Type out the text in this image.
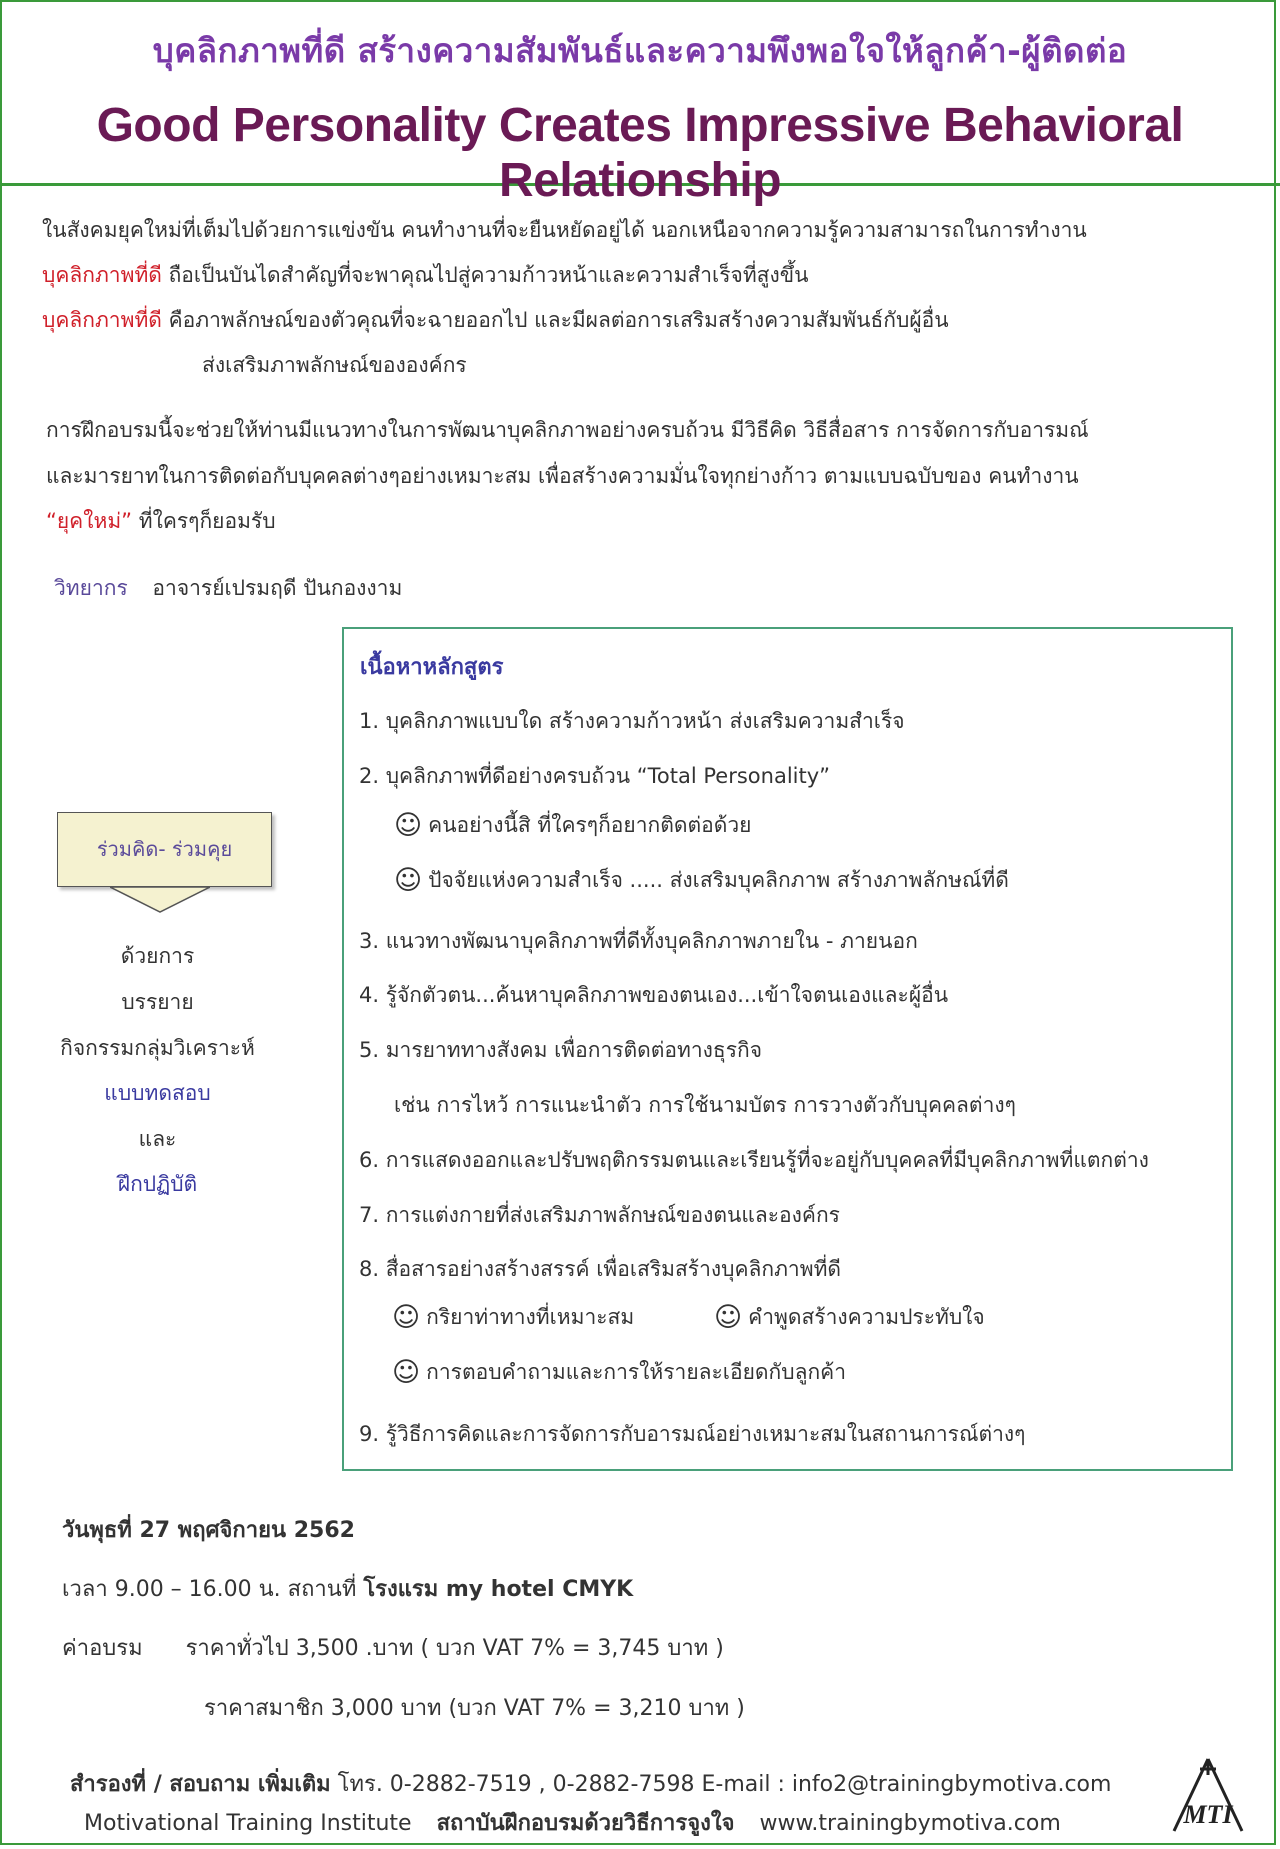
บุคลิกภาพที่ดี สร้างความสัมพันธ์และความพึงพอใจให้ลูกค้า-ผู้ติดต่อ
Good Personality Creates Impressive Behavioral Relationship
ในสังคมยุคใหม่ที่เต็มไปด้วยการแข่งขัน คนทำงานที่จะยืนหยัดอยู่ได้ นอกเหนือจากความรู้ความสามารถในการทำงาน
บุคลิกภาพที่ดี ถือเป็นบันไดสำคัญที่จะพาคุณไปสู่ความก้าวหน้าและความสำเร็จที่สูงขึ้น
บุคลิกภาพที่ดี คือภาพลักษณ์ของตัวคุณที่จะฉายออกไป และมีผลต่อการเสริมสร้างความสัมพันธ์กับผู้อื่น
ส่งเสริมภาพลักษณ์ขององค์กร
การฝึกอบรมนี้จะช่วยให้ท่านมีแนวทางในการพัฒนาบุคลิกภาพอย่างครบถ้วน มีวิธีคิด วิธีสื่อสาร การจัดการกับอารมณ์
และมารยาทในการติดต่อกับบุคคลต่างๆอย่างเหมาะสม เพื่อสร้างความมั่นใจทุกย่างก้าว ตามแบบฉบับของ คนทำงาน
“ยุคใหม่” ที่ใครๆก็ยอมรับ
วิทยากร อาจารย์เปรมฤดี ปันกองงาม
ร่วมคิด- ร่วมคุย
ด้วยการ
บรรยาย
กิจกรรมกลุ่มวิเคราะห์
แบบทดสอบ
และ
ฝึกปฏิบัติ
เนื้อหาหลักสูตร
1. บุคลิกภาพแบบใด สร้างความก้าวหน้า ส่งเสริมความสำเร็จ
2. บุคลิกภาพที่ดีอย่างครบถ้วน “Total Personality”
☺ คนอย่างนี้สิ ที่ใครๆก็อยากติดต่อด้วย
☺ ปัจจัยแห่งความสำเร็จ ..... ส่งเสริมบุคลิกภาพ สร้างภาพลักษณ์ที่ดี
3. แนวทางพัฒนาบุคลิกภาพที่ดีทั้งบุคลิกภาพภายใน - ภายนอก
4. รู้จักตัวตน...ค้นหาบุคลิกภาพของตนเอง...เข้าใจตนเองและผู้อื่น
5. มารยาททางสังคม เพื่อการติดต่อทางธุรกิจ
เช่น การไหว้ การแนะนำตัว การใช้นามบัตร การวางตัวกับบุคคลต่างๆ
6. การแสดงออกและปรับพฤติกรรมตนและเรียนรู้ที่จะอยู่กับบุคคลที่มีบุคลิกภาพที่แตกต่าง
7. การแต่งกายที่ส่งเสริมภาพลักษณ์ของตนและองค์กร
8. สื่อสารอย่างสร้างสรรค์ เพื่อเสริมสร้างบุคลิกภาพที่ดี
☺ กริยาท่าทางที่เหมาะสม	☺ คำพูดสร้างความประทับใจ
☺ การตอบคำถามและการให้รายละเอียดกับลูกค้า
9. รู้วิธีการคิดและการจัดการกับอารมณ์อย่างเหมาะสมในสถานการณ์ต่างๆ
วันพุธที่ 27 พฤศจิกายน 2562
เวลา 9.00 – 16.00 น. สถานที่ โรงแรม my hotel CMYK
ค่าอบรม ราคาทั่วไป 3,500 .บาท ( บวก VAT 7% = 3,745 บาท )
ราคาสมาชิก 3,000 บาท (บวก VAT 7% = 3,210 บาท )
สำรองที่ / สอบถาม เพิ่มเติม โทร. 0-2882-7519 , 0-2882-7598 E-mail : info2@trainingbymotiva.com
Motivational Training Institute สถาบันฝึกอบรมด้วยวิธีการจูงใจ www.trainingbymotiva.com	MTI
